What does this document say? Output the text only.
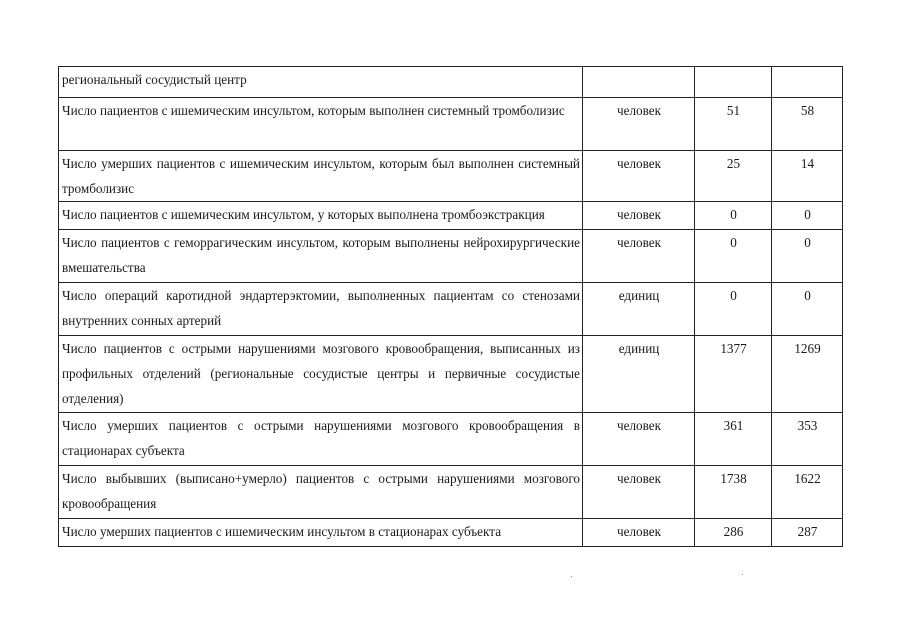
региональный сосудистый центр			
Число пациентов с ишемическим инсультом, которым выполнен системный тромболизис	человек	51	58
Число умерших пациентов с ишемическим инсультом, которым был выполнен системный тромболизис	человек	25	14
Число пациентов с ишемическим инсультом, у которых выполнена тромбоэкстракция	человек	0	0
Число пациентов с геморрагическим инсультом, которым выполнены нейрохирургические вмешательства	человек	0	0
Число операций каротидной эндартерэктомии, выполненных пациентам со стенозами внутренних сонных артерий	единиц	0	0
Число пациентов с острыми нарушениями мозгового кровообращения, выписанных из профильных отделений (региональные сосудистые центры и первичные сосудистые отделения)	единиц	1377	1269
Число умерших пациентов с острыми нарушениями мозгового кровообращения в стационарах субъекта	человек	361	353
Число выбывших (выписано+умерло) пациентов с острыми нарушениями мозгового кровообращения	человек	1738	1622
Число умерших пациентов с ишемическим инсультом в стационарах субъекта	человек	286	287
